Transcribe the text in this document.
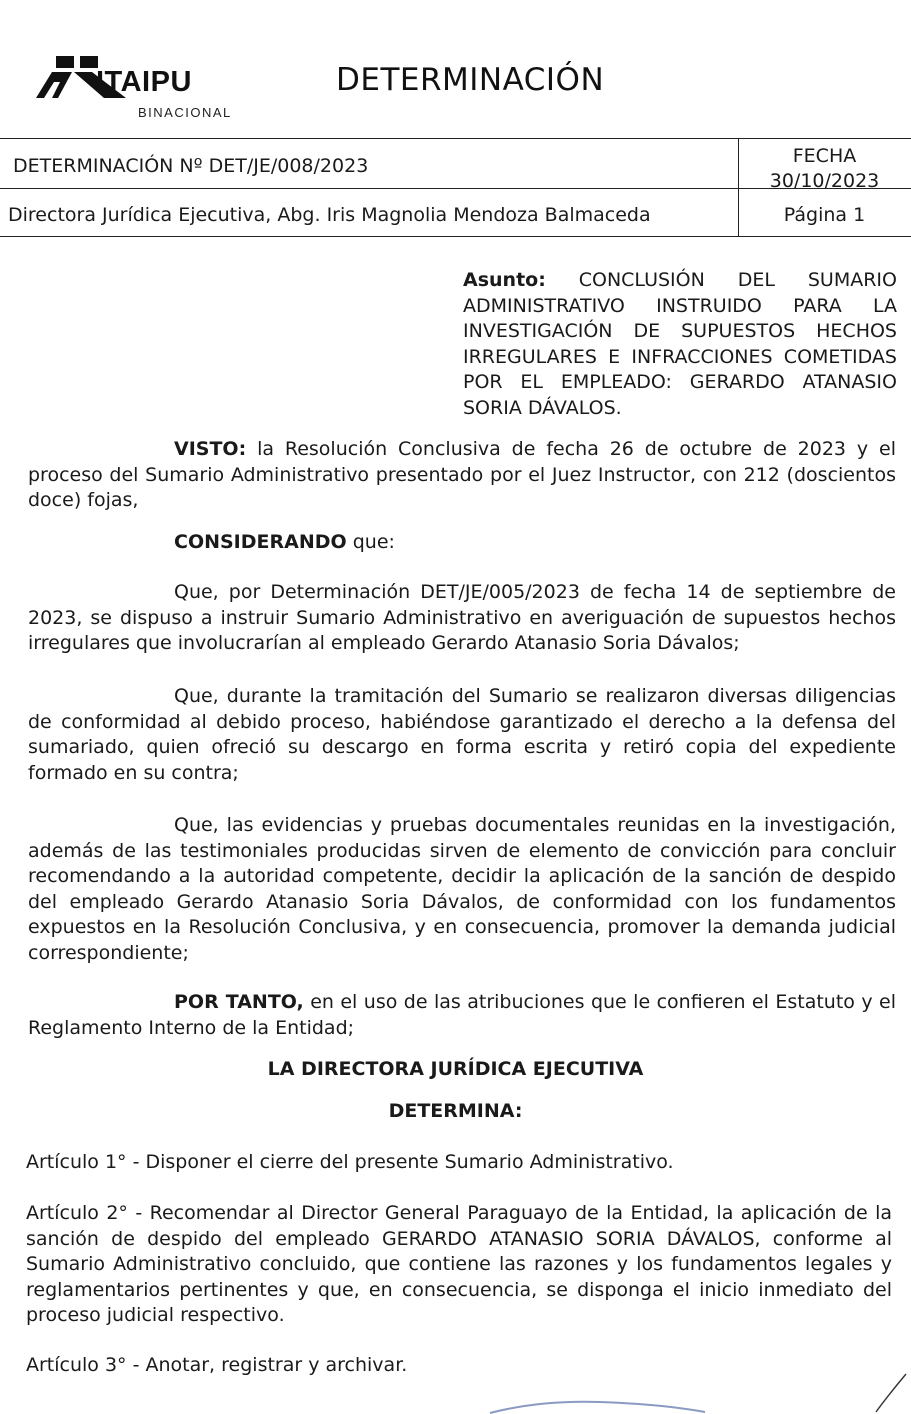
ITAIPU
BINACIONAL
DETERMINACIÓN
DETERMINACIÓN Nº DET/JE/008/2023	FECHA
30/10/2023
Directora Jurídica Ejecutiva, Abg. Iris Magnolia Mendoza Balmaceda	Página 1
Asunto: CONCLUSIÓN DEL SUMARIO ADMINISTRATIVO INSTRUIDO PARA LA INVESTIGACIÓN DE SUPUESTOS HECHOS IRREGULARES E INFRACCIONES COMETIDAS POR EL EMPLEADO: GERARDO ATANASIO SORIA DÁVALOS.
VISTO: la Resolución Conclusiva de fecha 26 de octubre de 2023 y el proceso del Sumario Administrativo presentado por el Juez Instructor, con 212 (doscientos doce) fojas,
CONSIDERANDO que:
Que, por Determinación DET/JE/005/2023 de fecha 14 de septiembre de 2023, se dispuso a instruir Sumario Administrativo en averiguación de supuestos hechos irregulares que involucrarían al empleado Gerardo Atanasio Soria Dávalos;
Que, durante la tramitación del Sumario se realizaron diversas diligencias de conformidad al debido proceso, habiéndose garantizado el derecho a la defensa del sumariado, quien ofreció su descargo en forma escrita y retiró copia del expediente formado en su contra;
Que, las evidencias y pruebas documentales reunidas en la investigación, además de las testimoniales producidas sirven de elemento de convicción para concluir recomendando a la autoridad competente, decidir la aplicación de la sanción de despido del empleado Gerardo Atanasio Soria Dávalos, de conformidad con los fundamentos expuestos en la Resolución Conclusiva, y en consecuencia, promover la demanda judicial correspondiente;
POR TANTO, en el uso de las atribuciones que le confieren el Estatuto y el Reglamento Interno de la Entidad;
LA DIRECTORA JURÍDICA EJECUTIVA
DETERMINA:
Artículo 1° - Disponer el cierre del presente Sumario Administrativo.
Artículo 2° - Recomendar al Director General Paraguayo de la Entidad, la aplicación de la sanción de despido del empleado GERARDO ATANASIO SORIA DÁVALOS, conforme al Sumario Administrativo concluido, que contiene las razones y los fundamentos legales y reglamentarios pertinentes y que, en consecuencia, se disponga el inicio inmediato del proceso judicial respectivo.
Artículo 3° - Anotar, registrar y archivar.
